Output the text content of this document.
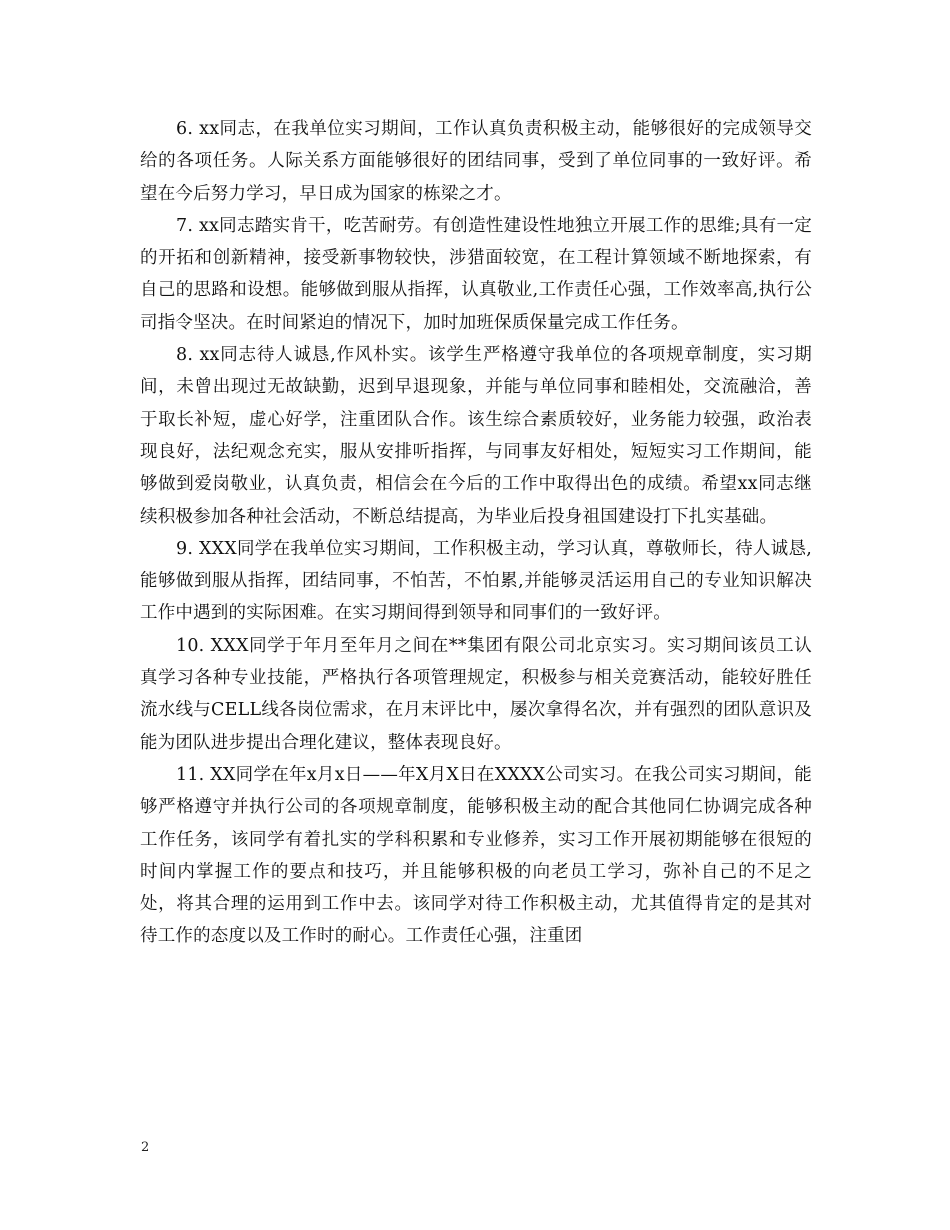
6. xx同志，在我单位实习期间，工作认真负责积极主动，能够很好的完成领导交给的各项任务。人际关系方面能够很好的团结同事，受到了单位同事的一致好评。希望在今后努力学习，早日成为国家的栋梁之才。

7. xx同志踏实肯干，吃苦耐劳。有创造性建设性地独立开展工作的思维;具有一定的开拓和创新精神，接受新事物较快，涉猎面较宽，在工程计算领域不断地探索，有自己的思路和设想。能够做到服从指挥，认真敬业,工作责任心强，工作效率高,执行公司指令坚决。在时间紧迫的情况下，加时加班保质保量完成工作任务。

8. xx同志待人诚恳,作风朴实。该学生严格遵守我单位的各项规章制度，实习期间，未曾出现过无故缺勤，迟到早退现象，并能与单位同事和睦相处，交流融洽，善于取长补短，虚心好学，注重团队合作。该生综合素质较好，业务能力较强，政治表现良好，法纪观念充实，服从安排听指挥，与同事友好相处，短短实习工作期间，能够做到爱岗敬业，认真负责，相信会在今后的工作中取得出色的成绩。希望xx同志继续积极参加各种社会活动，不断总结提高，为毕业后投身祖国建设打下扎实基础。

9. XXX同学在我单位实习期间，工作积极主动，学习认真，尊敬师长，待人诚恳,能够做到服从指挥，团结同事，不怕苦，不怕累,并能够灵活运用自己的专业知识解决工作中遇到的实际困难。在实习期间得到领导和同事们的一致好评。

10. XXX同学于年月至年月之间在**集团有限公司北京实习。实习期间该员工认真学习各种专业技能，严格执行各项管理规定，积极参与相关竞赛活动，能较好胜任流水线与CELL线各岗位需求，在月末评比中，屡次拿得名次，并有强烈的团队意识及能为团队进步提出合理化建议，整体表现良好。

11. XX同学在年x月x日——年X月X日在XXXX公司实习。在我公司实习期间，能够严格遵守并执行公司的各项规章制度，能够积极主动的配合其他同仁协调完成各种工作任务，该同学有着扎实的学科积累和专业修养，实习工作开展初期能够在很短的时间内掌握工作的要点和技巧，并且能够积极的向老员工学习，弥补自己的不足之处，将其合理的运用到工作中去。该同学对待工作积极主动，尤其值得肯定的是其对待工作的态度以及工作时的耐心。工作责任心强，注重团

2
